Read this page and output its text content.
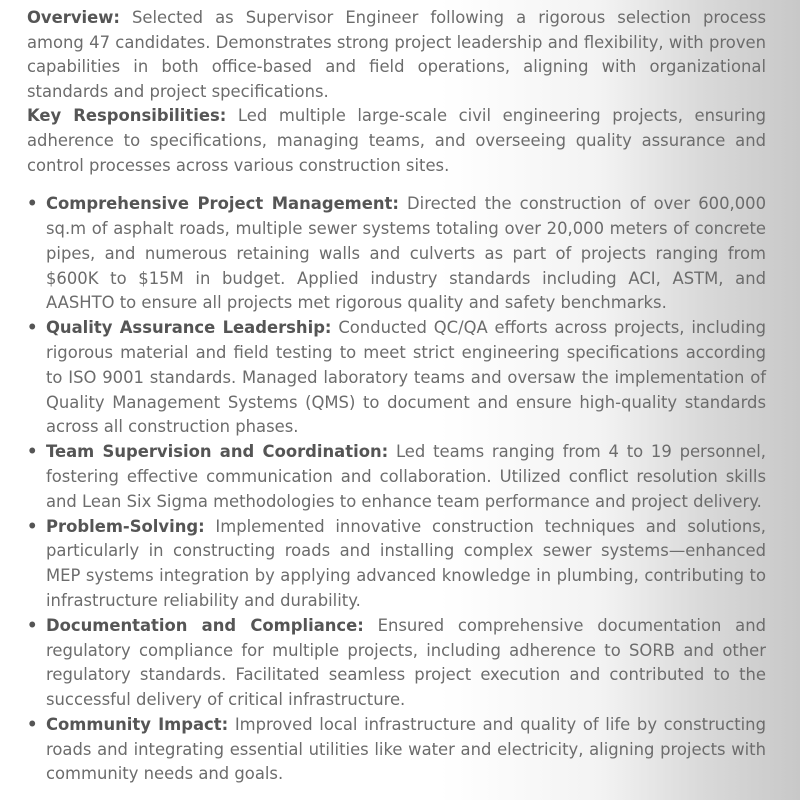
Overview: Selected as Supervisor Engineer following a rigorous selection process among 47 candidates. Demonstrates strong project leadership and flexibility, with proven capabilities in both office-based and field operations, aligning with organizational standards and project specifications.

Key Responsibilities: Led multiple large-scale civil engineering projects, ensuring adherence to specifications, managing teams, and overseeing quality assurance and control processes across various construction sites.

• Comprehensive Project Management: Directed the construction of over 600,000 sq.m of asphalt roads, multiple sewer systems totaling over 20,000 meters of concrete pipes, and numerous retaining walls and culverts as part of projects ranging from $600K to $15M in budget. Applied industry standards including ACI, ASTM, and AASHTO to ensure all projects met rigorous quality and safety benchmarks.
• Quality Assurance Leadership: Conducted QC/QA efforts across projects, including rigorous material and field testing to meet strict engineering specifications according to ISO 9001 standards. Managed laboratory teams and oversaw the implementation of Quality Management Systems (QMS) to document and ensure high-quality standards across all construction phases.
• Team Supervision and Coordination: Led teams ranging from 4 to 19 personnel, fostering effective communication and collaboration. Utilized conflict resolution skills and Lean Six Sigma methodologies to enhance team performance and project delivery.
• Problem-Solving: Implemented innovative construction techniques and solutions, particularly in constructing roads and installing complex sewer systems—enhanced MEP systems integration by applying advanced knowledge in plumbing, contributing to infrastructure reliability and durability.
• Documentation and Compliance: Ensured comprehensive documentation and regulatory compliance for multiple projects, including adherence to SORB and other regulatory standards. Facilitated seamless project execution and contributed to the successful delivery of critical infrastructure.
• Community Impact: Improved local infrastructure and quality of life by constructing roads and integrating essential utilities like water and electricity, aligning projects with community needs and goals.
